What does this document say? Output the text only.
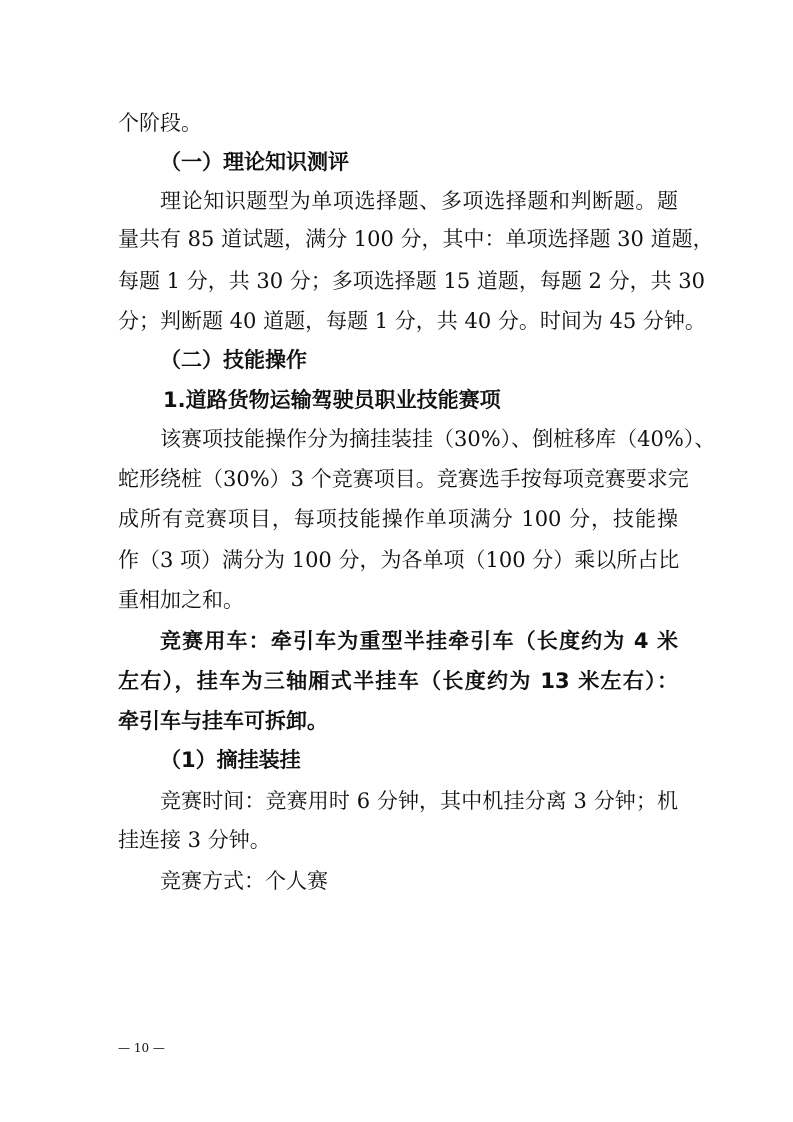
个阶段。
（一）理论知识测评
理论知识题型为单项选择题、多项选择题和判断题。题
量共有 85 道试题，满分 100 分，其中：单项选择题 30 道题，
每题 1 分，共 30 分；多项选择题 15 道题，每题 2 分，共 30
分；判断题 40 道题，每题 1 分，共 40 分。时间为 45 分钟。
（二）技能操作
1.道路货物运输驾驶员职业技能赛项
该赛项技能操作分为摘挂装挂（30%）、倒桩移库（40%）、
蛇形绕桩（30%）3 个竞赛项目。竞赛选手按每项竞赛要求完
成所有竞赛项目，每项技能操作单项满分 100 分，技能操
作（3 项）满分为 100 分，为各单项（100 分）乘以所占比
重相加之和。
竞赛用车：牵引车为重型半挂牵引车（长度约为 4 米
左右），挂车为三轴厢式半挂车（长度约为 13 米左右）：
牵引车与挂车可拆卸。
（1）摘挂装挂
竞赛时间：竞赛用时 6 分钟，其中机挂分离 3 分钟；机
挂连接 3 分钟。
竞赛方式：个人赛
— 10 —
